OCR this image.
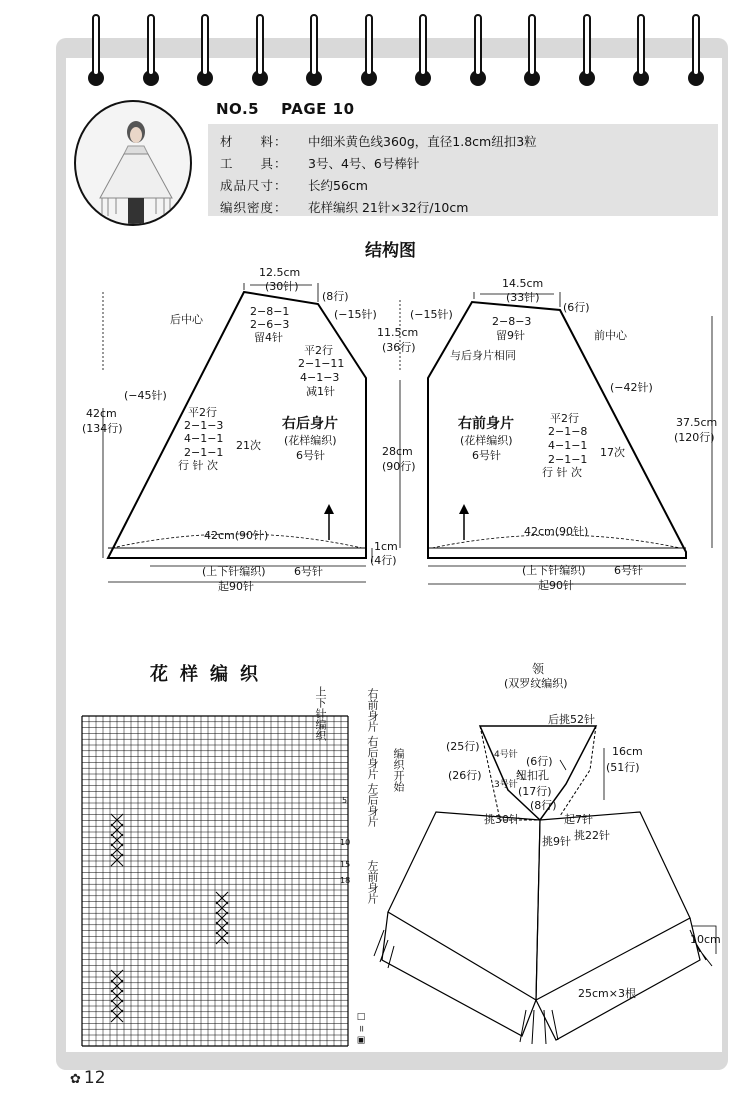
NO.5 PAGE 10
材　　料： 中细米黄色线360g，直径1.8cm纽扣3粒
工　　具： 3号、4号、6号棒针
成品尺寸： 长约56cm
编织密度： 花样编织 21针×32行/10cm
结构图
12.5cm
(30针)
(8行)
(−15针)
后中心
2−8−1
2−6−3
留4针
平2行
2−1−11
4−1−3
减1针
(−45针)
平2行
2−1−3
4−1−1
2−1−1
21次
行 针 次
右后身片
(花样编织)
6号针
42cm
(134行)
42cm(90针)
(上下针编织)	6号针
起90针
11.5cm
(36行)
28cm
(90行)
1cm
(4行)
(−15针)
14.5cm
(33针)
(6行)
2−8−3
留9针	前中心
与后身片相同
(−42针)
右前身片
(花样编织)
6号针
平2行
2−1−8
4−1−1
2−1−1
17次
行 针 次
37.5cm
(120行)
42cm(90针)
(上下针编织)	6号针
起90针
花样编织
上下针编织	右前身片 右后身片 左后身片
左前身片
编织开始
5
10
15
18
□ = ▣
领
(双罗纹编织)
后挑52针
(25行)
(26行)
4号针 (6行)
纽扣孔
3号针 (17行)
(8行)
16cm
(51行)
挑30针	起7针
挑9针 挑22针
10cm
25cm×3根
✿ 12
